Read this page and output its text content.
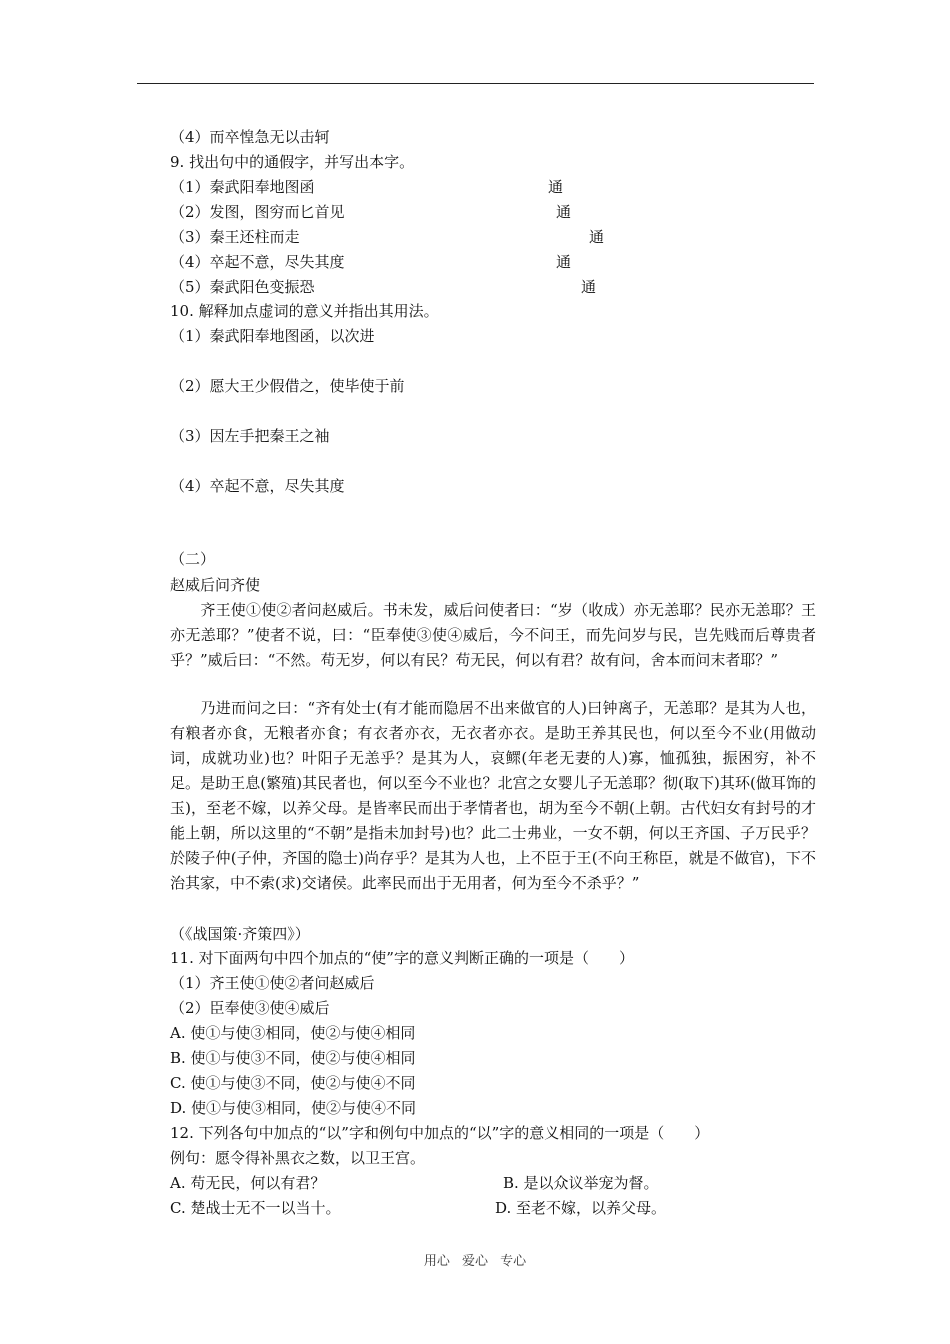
（4）而卒惶急无以击轲
9. 找出句中的通假字，并写出本字。
（1）秦武阳奉地图函	通
（2）发图，图穷而匕首见	通
（3）秦王还柱而走	通
（4）卒起不意，尽失其度	通
（5）秦武阳色变振恐	通
10. 解释加点虚词的意义并指出其用法。
（1）秦武阳奉地图函，以次进
（2）愿大王少假借之，使毕使于前
（3）因左手把秦王之袖
（4）卒起不意，尽失其度
（二）
赵威后问齐使
　　齐王使①使②者问赵威后。书未发，威后问使者曰：“岁（收成）亦无恙耶？民亦无恙耶？王亦无恙耶？”使者不说，曰：“臣奉使③使④威后，今不问王，而先问岁与民，岂先贱而后尊贵者乎？”威后曰：“不然。苟无岁，何以有民？苟无民，何以有君？故有问，舍本而问末者耶？”
　　乃进而问之曰：“齐有处士(有才能而隐居不出来做官的人)曰钟离子，无恙耶？是其为人也，有粮者亦食，无粮者亦食；有衣者亦衣，无衣者亦衣。是助王养其民也，何以至今不业(用做动词，成就功业)也？叶阳子无恙乎？是其为人，哀鳏(年老无妻的人)寡，恤孤独，振困穷，补不足。是助王息(繁殖)其民者也，何以至今不业也？北宫之女婴儿子无恙耶？彻(取下)其环(做耳饰的玉)，至老不嫁，以养父母。是皆率民而出于孝情者也，胡为至今不朝(上朝。古代妇女有封号的才能上朝，所以这里的“不朝”是指未加封号)也？此二士弗业，一女不朝，何以王齐国、子万民乎？於陵子仲(子仲，齐国的隐士)尚存乎？是其为人也，上不臣于王(不向王称臣，就是不做官)，下不治其家，中不索(求)交诸侯。此率民而出于无用者，何为至今不杀乎？”
（《战国策·齐策四》）
11. 对下面两句中四个加点的“使”字的意义判断正确的一项是（　　）
（1）齐王使①使②者问赵威后
（2）臣奉使③使④威后
A. 使①与使③相同，使②与使④相同
B. 使①与使③不同，使②与使④相同
C. 使①与使③不同，使②与使④不同
D. 使①与使③相同，使②与使④不同
12. 下列各句中加点的“以”字和例句中加点的“以”字的意义相同的一项是（　　）
例句：愿令得补黑衣之数，以卫王宫。
A. 苟无民，何以有君？	B. 是以众议举宠为督。
C. 楚战士无不一以当十。	D. 至老不嫁，以养父母。
用心 爱心 专心
